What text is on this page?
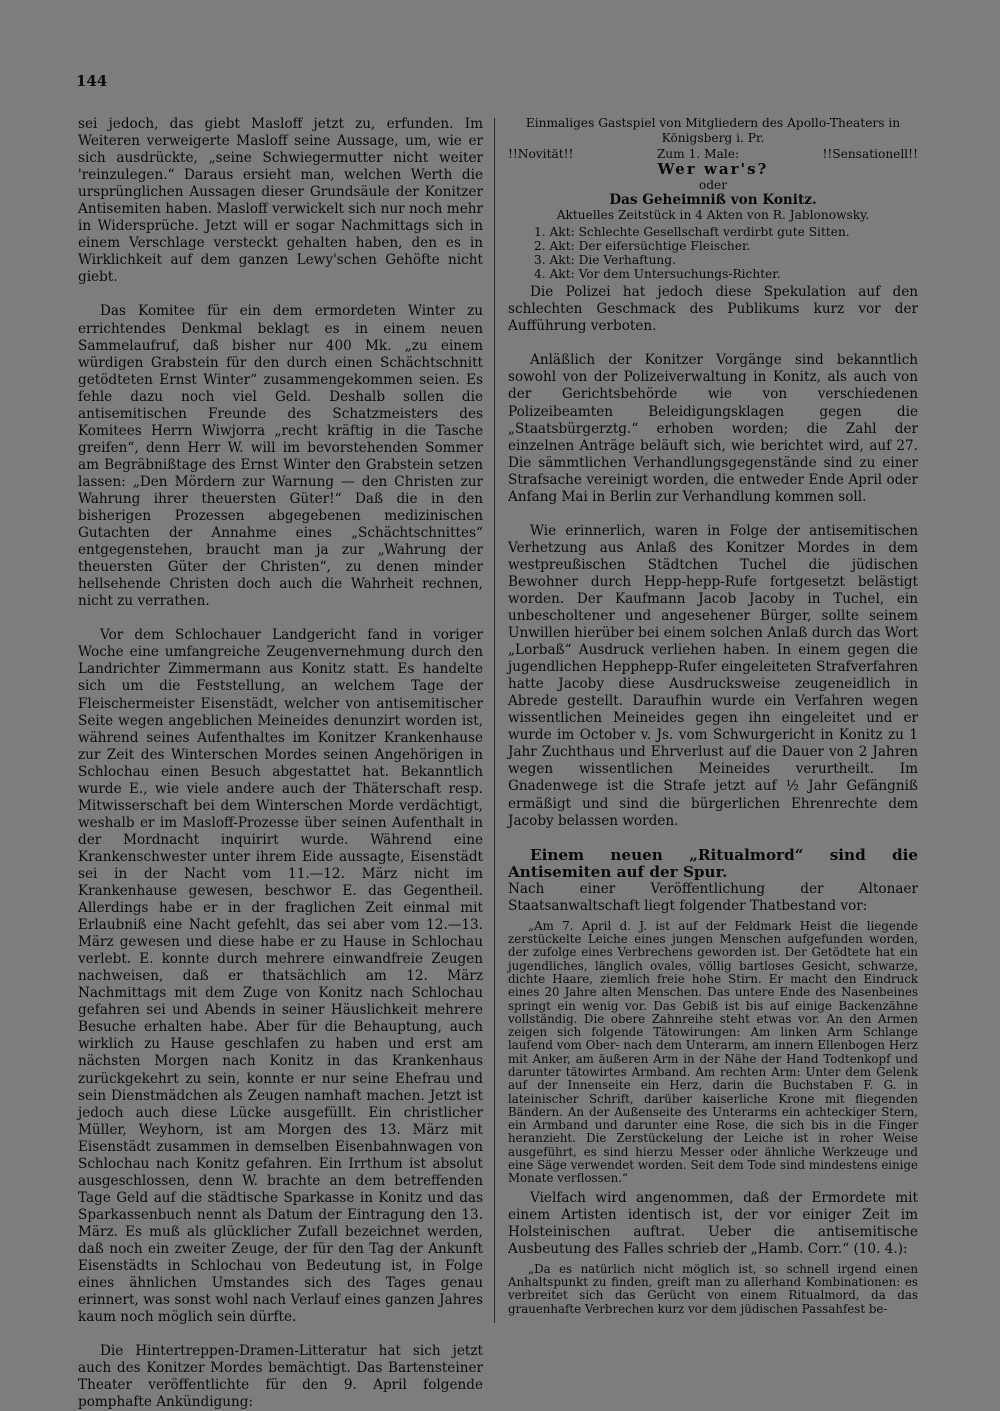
144

sei jedoch, das giebt Masloff jetzt zu, erfunden. Im Weiteren verweigerte Masloff seine Aussage, um, wie er sich ausdrückte, „seine Schwiegermutter nicht weiter 'reinzulegen.“ Daraus ersieht man, welchen Werth die ursprünglichen Aussagen dieser Grundsäule der Konitzer Antisemiten haben. Masloff verwickelt sich nur noch mehr in Widersprüche. Jetzt will er sogar Nachmittags sich in einem Verschlage versteckt gehalten haben, den es in Wirklichkeit auf dem ganzen Lewy'schen Gehöfte nicht giebt.

Das Komitee für ein dem ermordeten Winter zu errichtendes Denkmal beklagt es in einem neuen Sammelaufruf, daß bisher nur 400 Mk. „zu einem würdigen Grabstein für den durch einen Schächtschnitt getödteten Ernst Winter“ zusammengekommen seien. Es fehle dazu noch viel Geld. Deshalb sollen die antisemitischen Freunde des Schatzmeisters des Komitees Herrn Wiwjorra „recht kräftig in die Tasche greifen“, denn Herr W. will im bevorstehenden Sommer am Begräbnißtage des Ernst Winter den Grabstein setzen lassen: „Den Mördern zur Warnung — den Christen zur Wahrung ihrer theuersten Güter!“ Daß die in den bisherigen Prozessen abgegebenen medizinischen Gutachten der Annahme eines „Schächtschnittes“ entgegenstehen, braucht man ja zur „Wahrung der theuersten Güter der Christen“, zu denen minder hellsehende Christen doch auch die Wahrheit rechnen, nicht zu verrathen.

Vor dem Schlochauer Landgericht fand in voriger Woche eine umfangreiche Zeugenvernehmung durch den Landrichter Zimmermann aus Konitz statt. Es handelte sich um die Feststellung, an welchem Tage der Fleischermeister Eisenstädt, welcher von antisemitischer Seite wegen angeblichen Meineides denunzirt worden ist, während seines Aufenthaltes im Konitzer Krankenhause zur Zeit des Winterschen Mordes seinen Angehörigen in Schlochau einen Besuch abgestattet hat. Bekanntlich wurde E., wie viele andere auch der Thäterschaft resp. Mitwisserschaft bei dem Winterschen Morde verdächtigt, weshalb er im Masloff-Prozesse über seinen Aufenthalt in der Mordnacht inquirirt wurde. Während eine Krankenschwester unter ihrem Eide aussagte, Eisenstädt sei in der Nacht vom 11.—12. März nicht im Krankenhause gewesen, beschwor E. das Gegentheil. Allerdings habe er in der fraglichen Zeit einmal mit Erlaubniß eine Nacht gefehlt, das sei aber vom 12.—13. März gewesen und diese habe er zu Hause in Schlochau verlebt. E. konnte durch mehrere einwandfreie Zeugen nachweisen, daß er thatsächlich am 12. März Nachmittags mit dem Zuge von Konitz nach Schlochau gefahren sei und Abends in seiner Häuslichkeit mehrere Besuche erhalten habe. Aber für die Behauptung, auch wirklich zu Hause geschlafen zu haben und erst am nächsten Morgen nach Konitz in das Krankenhaus zurückgekehrt zu sein, konnte er nur seine Ehefrau und sein Dienstmädchen als Zeugen namhaft machen. Jetzt ist jedoch auch diese Lücke ausgefüllt. Ein christlicher Müller, Weyhorn, ist am Morgen des 13. März mit Eisenstädt zusammen in demselben Eisenbahnwagen von Schlochau nach Konitz gefahren. Ein Irrthum ist absolut ausgeschlossen, denn W. brachte an dem betreffenden Tage Geld auf die städtische Sparkasse in Konitz und das Sparkassenbuch nennt als Datum der Eintragung den 13. März. Es muß als glücklicher Zufall bezeichnet werden, daß noch ein zweiter Zeuge, der für den Tag der Ankunft Eisenstädts in Schlochau von Bedeutung ist, in Folge eines ähnlichen Umstandes sich des Tages genau erinnert, was sonst wohl nach Verlauf eines ganzen Jahres kaum noch möglich sein dürfte.

Die Hintertreppen-Dramen-Litteratur hat sich jetzt auch des Konitzer Mordes bemächtigt. Das Bartensteiner Theater veröffentlichte für den 9. April folgende pomphafte Ankündigung:

Einmaliges Gastspiel von Mitgliedern des Apollo-Theaters in Königsberg i. Pr.
!!Novität!!	Zum 1. Male:	!!Sensationell!!
Wer war's?
oder
Das Geheimniß von Konitz.
Aktuelles Zeitstück in 4 Akten von R. Jablonowsky.
1. Akt: Schlechte Gesellschaft verdirbt gute Sitten.
2. Akt: Der eifersüchtige Fleischer.
3. Akt: Die Verhaftung.
4. Akt: Vor dem Untersuchungs-Richter.

Die Polizei hat jedoch diese Spekulation auf den schlechten Geschmack des Publikums kurz vor der Aufführung verboten.

Anläßlich der Konitzer Vorgänge sind bekanntlich sowohl von der Polizeiverwaltung in Konitz, als auch von der Gerichtsbehörde wie von verschiedenen Polizeibeamten Beleidigungsklagen gegen die „Staatsbürgerztg.“ erhoben worden; die Zahl der einzelnen Anträge beläuft sich, wie berichtet wird, auf 27. Die sämmtlichen Verhandlungsgegenstände sind zu einer Strafsache vereinigt worden, die entweder Ende April oder Anfang Mai in Berlin zur Verhandlung kommen soll.

Wie erinnerlich, waren in Folge der antisemitischen Verhetzung aus Anlaß des Konitzer Mordes in dem westpreußischen Städtchen Tuchel die jüdischen Bewohner durch Hepp-hepp-Rufe fortgesetzt belästigt worden. Der Kaufmann Jacob Jacoby in Tuchel, ein unbescholtener und angesehener Bürger, sollte seinem Unwillen hierüber bei einem solchen Anlaß durch das Wort „Lorbaß“ Ausdruck verliehen haben. In einem gegen die jugendlichen Hepphepp-Rufer eingeleiteten Strafverfahren hatte Jacoby diese Ausdrucksweise zeugeneidlich in Abrede gestellt. Daraufhin wurde ein Verfahren wegen wissentlichen Meineides gegen ihn eingeleitet und er wurde im October v. Js. vom Schwurgericht in Konitz zu 1 Jahr Zuchthaus und Ehrverlust auf die Dauer von 2 Jahren wegen wissentlichen Meineides verurtheilt. Im Gnadenwege ist die Strafe jetzt auf ½ Jahr Gefängniß ermäßigt und sind die bürgerlichen Ehrenrechte dem Jacoby belassen worden.

Einem neuen „Ritualmord“ sind die Antisemiten auf der Spur.

Nach einer Veröffentlichung der Altonaer Staatsanwaltschaft liegt folgender Thatbestand vor:

„Am 7. April d. J. ist auf der Feldmark Heist die liegende zerstückelte Leiche eines jungen Menschen aufgefunden worden, der zufolge eines Verbrechens geworden ist. Der Getödtete hat ein jugendliches, länglich ovales, völlig bartloses Gesicht, schwarze, dichte Haare, ziemlich freie hohe Stirn. Er macht den Eindruck eines 20 Jahre alten Menschen. Das untere Ende des Nasenbeines springt ein wenig vor. Das Gebiß ist bis auf einige Backenzähne vollständig. Die obere Zahnreihe steht etwas vor. An den Armen zeigen sich folgende Tätowirungen: Am linken Arm Schlange laufend vom Ober- nach dem Unterarm, am innern Ellenbogen Herz mit Anker, am äußeren Arm in der Nähe der Hand Todtenkopf und darunter tätowirtes Armband. Am rechten Arm: Unter dem Gelenk auf der Innenseite ein Herz, darin die Buchstaben F. G. in lateinischer Schrift, darüber kaiserliche Krone mit fliegenden Bändern. An der Außenseite des Unterarms ein achteckiger Stern, ein Armband und darunter eine Rose, die sich bis in die Finger heranzieht. Die Zerstückelung der Leiche ist in roher Weise ausgeführt, es sind hierzu Messer oder ähnliche Werkzeuge und eine Säge verwendet worden. Seit dem Tode sind mindestens einige Monate verflossen.“

Vielfach wird angenommen, daß der Ermordete mit einem Artisten identisch ist, der vor einiger Zeit im Holsteinischen auftrat. Ueber die antisemitische Ausbeutung des Falles schrieb der „Hamb. Corr.“ (10. 4.):

„Da es natürlich nicht möglich ist, so schnell irgend einen Anhaltspunkt zu finden, greift man zu allerhand Kombinationen: es verbreitet sich das Gerücht von einem Ritualmord, da das grauenhafte Verbrechen kurz vor dem jüdischen Passahfest be-
